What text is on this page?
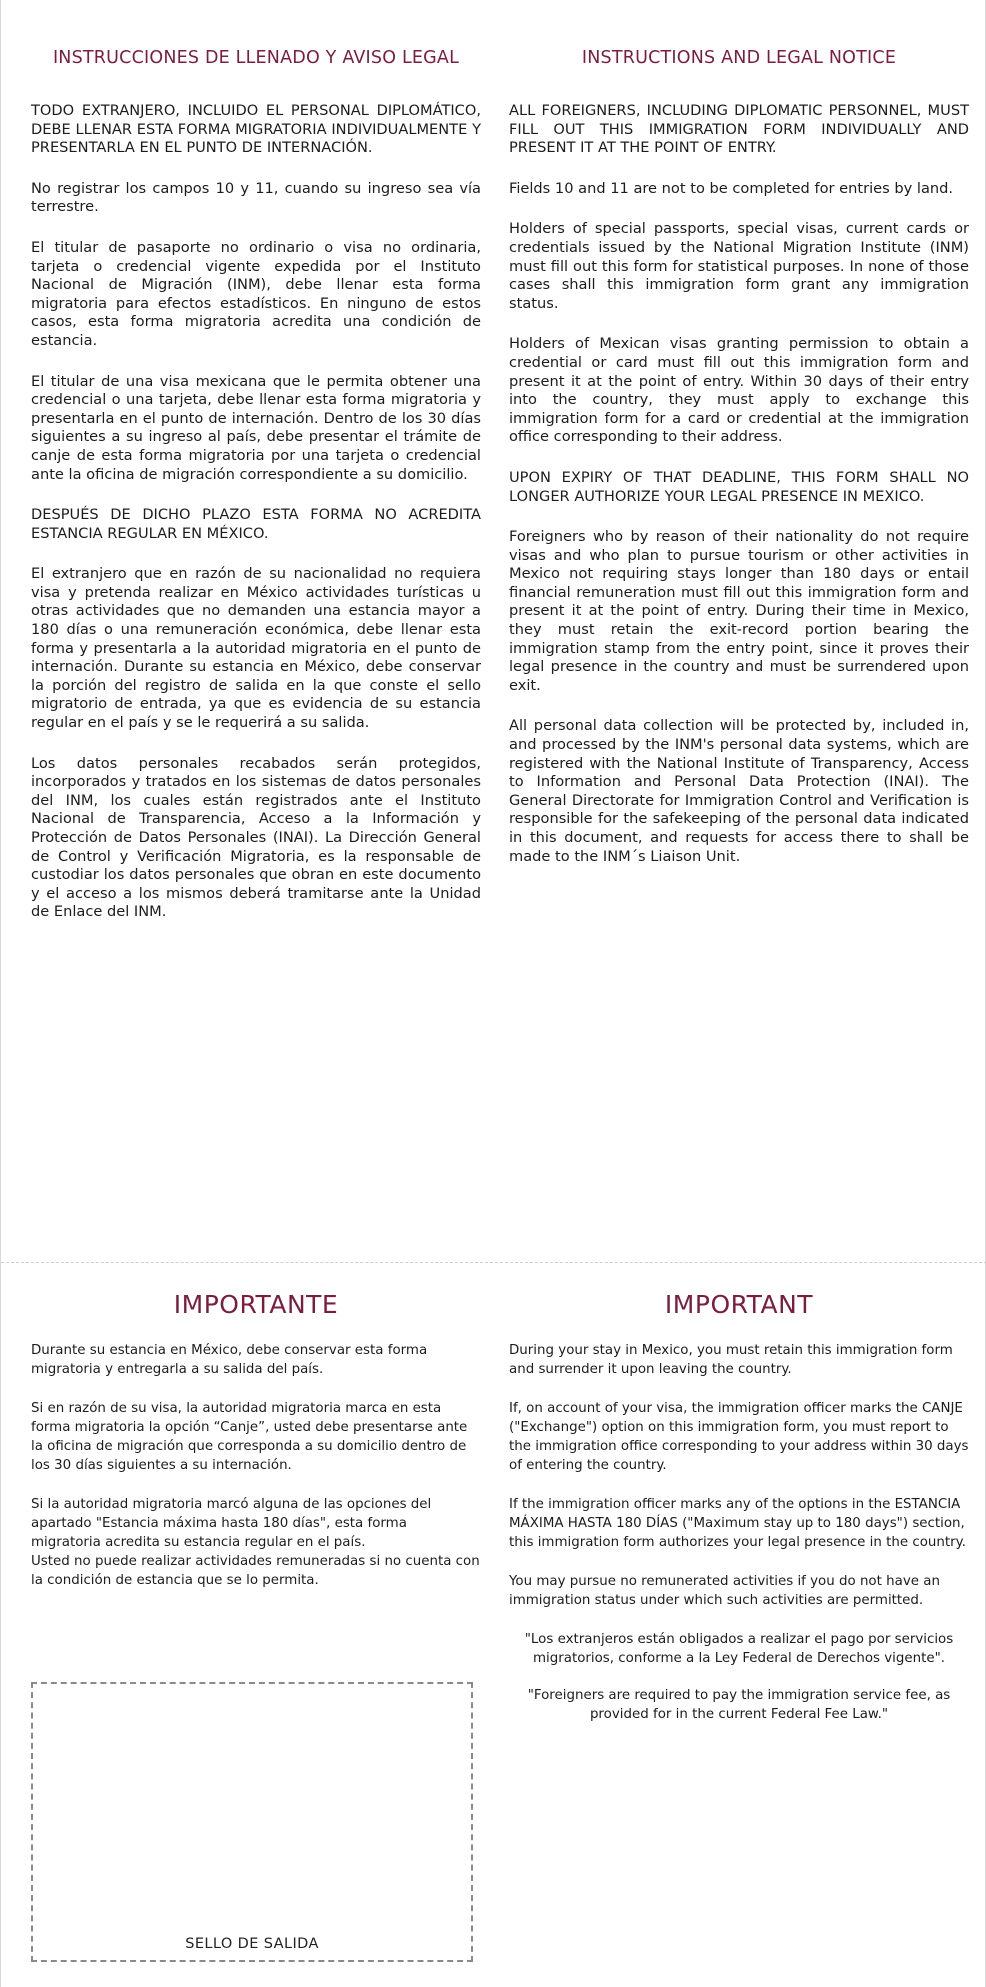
INSTRUCCIONES DE LLENADO Y AVISO LEGAL

TODO EXTRANJERO, INCLUIDO EL PERSONAL DIPLOMÁTICO, DEBE LLENAR ESTA FORMA MIGRATORIA INDIVIDUALMENTE Y PRESENTARLA EN EL PUNTO DE INTERNACIÓN.

No registrar los campos 10 y 11, cuando su ingreso sea vía terrestre.

El titular de pasaporte no ordinario o visa no ordinaria, tarjeta o credencial vigente expedida por el Instituto Nacional de Migración (INM), debe llenar esta forma migratoria para efectos estadísticos. En ninguno de estos casos, esta forma migratoria acredita una condición de estancia.

El titular de una visa mexicana que le permita obtener una credencial o una tarjeta, debe llenar esta forma migratoria y presentarla en el punto de internación. Dentro de los 30 días siguientes a su ingreso al país, debe presentar el trámite de canje de esta forma migratoria por una tarjeta o credencial ante la oficina de migración correspondiente a su domicilio.

DESPUÉS DE DICHO PLAZO ESTA FORMA NO ACREDITA ESTANCIA REGULAR EN MÉXICO.

El extranjero que en razón de su nacionalidad no requiera visa y pretenda realizar en México actividades turísticas u otras actividades que no demanden una estancia mayor a 180 días o una remuneración económica, debe llenar esta forma y presentarla a la autoridad migratoria en el punto de internación. Durante su estancia en México, debe conservar la porción del registro de salida en la que conste el sello migratorio de entrada, ya que es evidencia de su estancia regular en el país y se le requerirá a su salida.

Los datos personales recabados serán protegidos, incorporados y tratados en los sistemas de datos personales del INM, los cuales están registrados ante el Instituto Nacional de Transparencia, Acceso a la Información y Protección de Datos Personales (INAI). La Dirección General de Control y Verificación Migratoria, es la responsable de custodiar los datos personales que obran en este documento y el acceso a los mismos deberá tramitarse ante la Unidad de Enlace del INM.

INSTRUCTIONS AND LEGAL NOTICE

ALL FOREIGNERS, INCLUDING DIPLOMATIC PERSONNEL, MUST FILL OUT THIS IMMIGRATION FORM INDIVIDUALLY AND PRESENT IT AT THE POINT OF ENTRY.

Fields 10 and 11 are not to be completed for entries by land.

Holders of special passports, special visas, current cards or credentials issued by the National Migration Institute (INM) must fill out this form for statistical purposes. In none of those cases shall this immigration form grant any immigration status.

Holders of Mexican visas granting permission to obtain a credential or card must fill out this immigration form and present it at the point of entry. Within 30 days of their entry into the country, they must apply to exchange this immigration form for a card or credential at the immigration office corresponding to their address.

UPON EXPIRY OF THAT DEADLINE, THIS FORM SHALL NO LONGER AUTHORIZE YOUR LEGAL PRESENCE IN MEXICO.

Foreigners who by reason of their nationality do not require visas and who plan to pursue tourism or other activities in Mexico not requiring stays longer than 180 days or entail financial remuneration must fill out this immigration form and present it at the point of entry. During their time in Mexico, they must retain the exit-record portion bearing the immigration stamp from the entry point, since it proves their legal presence in the country and must be surrendered upon exit.

All personal data collection will be protected by, included in, and processed by the INM's personal data systems, which are registered with the National Institute of Transparency, Access to Information and Personal Data Protection (INAI). The General Directorate for Immigration Control and Verification is responsible for the safekeeping of the personal data indicated in this document, and requests for access there to shall be made to the INM´s Liaison Unit.

IMPORTANTE

Durante su estancia en México, debe conservar esta forma migratoria y entregarla a su salida del país.

Si en razón de su visa, la autoridad migratoria marca en esta forma migratoria la opción “Canje”, usted debe presentarse ante la oficina de migración que corresponda a su domicilio dentro de los 30 días siguientes a su internación.

Si la autoridad migratoria marcó alguna de las opciones del apartado "Estancia máxima hasta 180 días", esta forma migratoria acredita su estancia regular en el país.
Usted no puede realizar actividades remuneradas si no cuenta con la condición de estancia que se lo permita.

SELLO DE SALIDA
IMPORTANT

During your stay in Mexico, you must retain this immigration form and surrender it upon leaving the country.

If, on account of your visa, the immigration officer marks the CANJE ("Exchange") option on this immigration form, you must report to the immigration office corresponding to your address within 30 days of entering the country.

If the immigration officer marks any of the options in the ESTANCIA MÁXIMA HASTA 180 DÍAS ("Maximum stay up to 180 days") section, this immigration form authorizes your legal presence in the country.

You may pursue no remunerated activities if you do not have an immigration status under which such activities are permitted.

"Los extranjeros están obligados a realizar el pago por servicios migratorios, conforme a la Ley Federal de Derechos vigente".

"Foreigners are required to pay the immigration service fee, as provided for in the current Federal Fee Law."
